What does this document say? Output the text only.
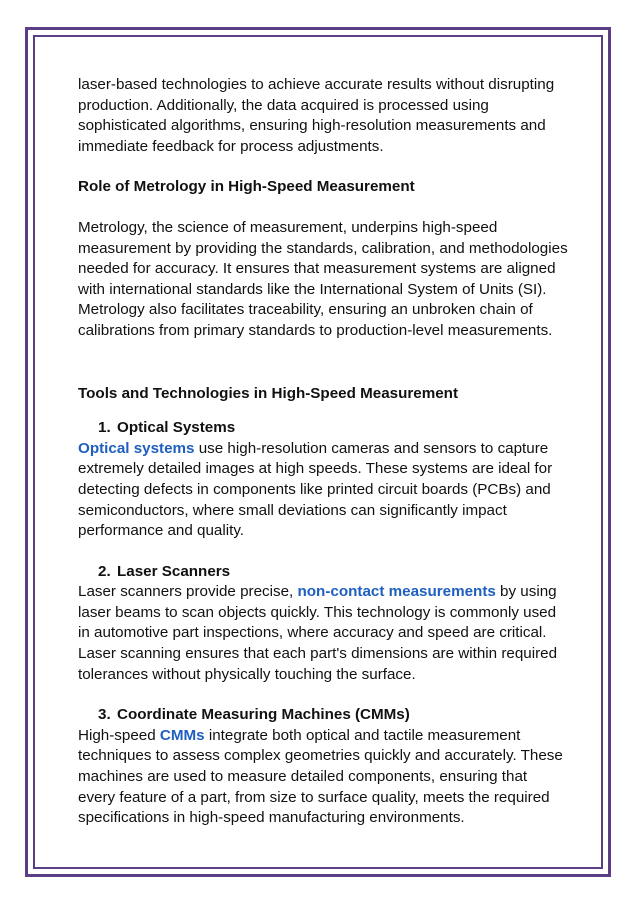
laser-based technologies to achieve accurate results without disrupting
production. Additionally, the data acquired is processed using
sophisticated algorithms, ensuring high-resolution measurements and
immediate feedback for process adjustments.

Role of Metrology in High-Speed Measurement

Metrology, the science of measurement, underpins high-speed
measurement by providing the standards, calibration, and methodologies
needed for accuracy. It ensures that measurement systems are aligned
with international standards like the International System of Units (SI).
Metrology also facilitates traceability, ensuring an unbroken chain of
calibrations from primary standards to production-level measurements.

Tools and Technologies in High-Speed Measurement

1. Optical Systems

Optical systems use high-resolution cameras and sensors to capture
extremely detailed images at high speeds. These systems are ideal for
detecting defects in components like printed circuit boards (PCBs) and
semiconductors, where small deviations can significantly impact
performance and quality.

2. Laser Scanners

Laser scanners provide precise, non-contact measurements by using
laser beams to scan objects quickly. This technology is commonly used
in automotive part inspections, where accuracy and speed are critical.
Laser scanning ensures that each part's dimensions are within required
tolerances without physically touching the surface.

3. Coordinate Measuring Machines (CMMs)

High-speed CMMs integrate both optical and tactile measurement
techniques to assess complex geometries quickly and accurately. These
machines are used to measure detailed components, ensuring that
every feature of a part, from size to surface quality, meets the required
specifications in high-speed manufacturing environments.
